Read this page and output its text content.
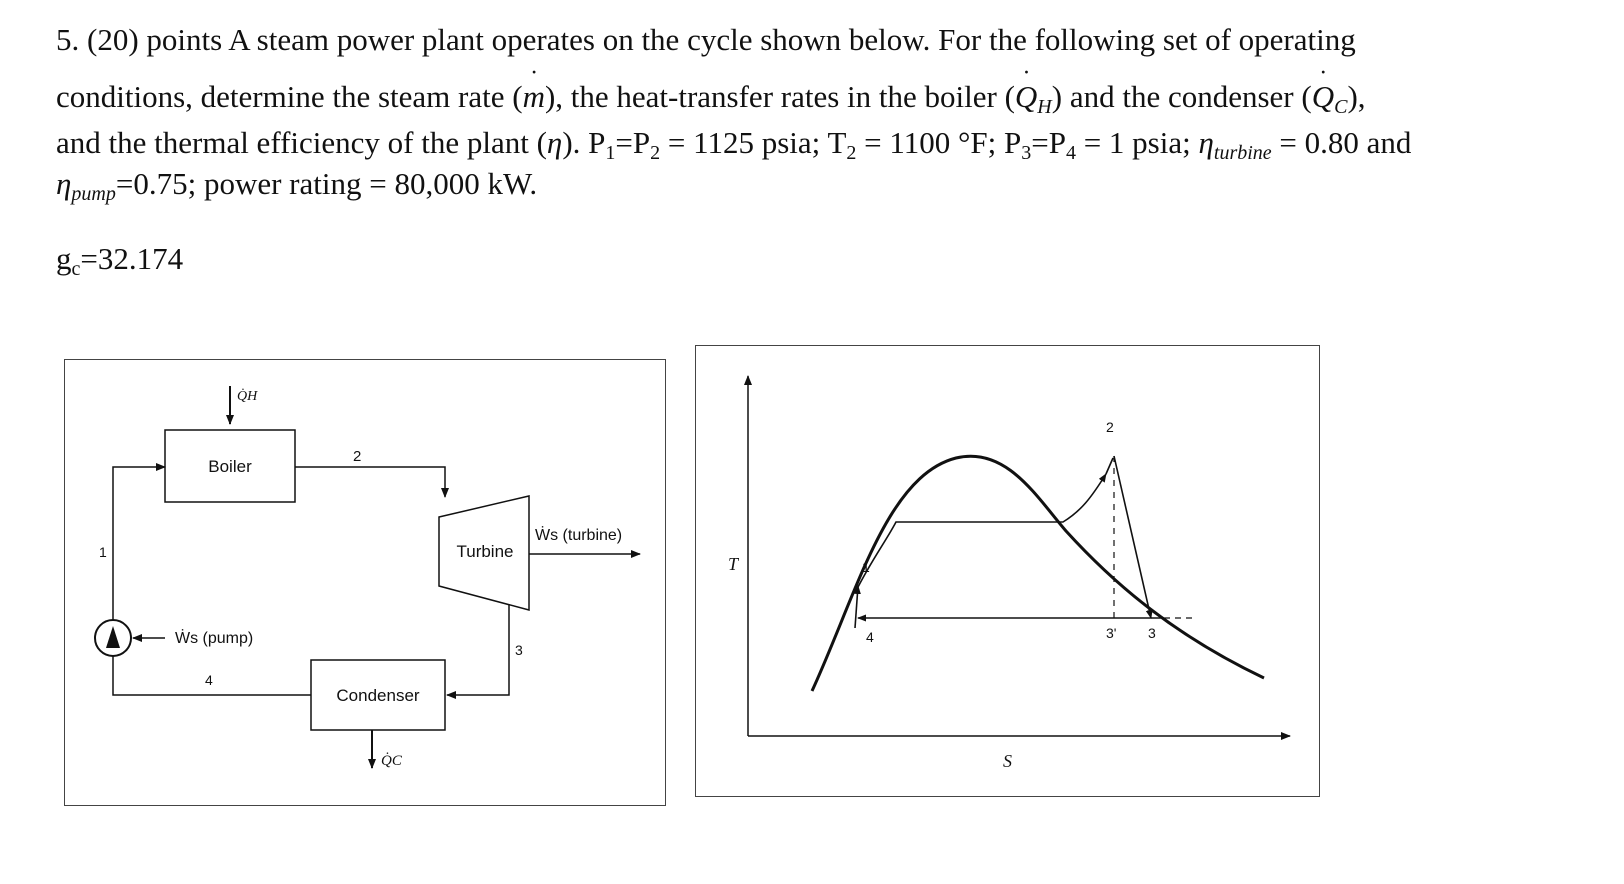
5. (20) points A steam power plant operates on the cycle shown below. For the following set of operating
conditions, determine the steam rate (· m), the heat-transfer rates in the boiler (· $Q_H$) and the condenser (· $Q_C$),
and the thermal efficiency of the plant (η). P1=P2 = 1125 psia; T2 = 1100 °F; P3=P4 = 1 psia; $\eta_{turbine} = 0.80$ and
$\eta_{pump}=0.75$; power rating = 80,000 kW.
gc=32.174
Q̇H
Boiler
2
Turbine
Ẇs (turbine)
3
Condenser
Q̇C
4
Ẇs (pump)
1
T
S
1
2
3' 3
4
